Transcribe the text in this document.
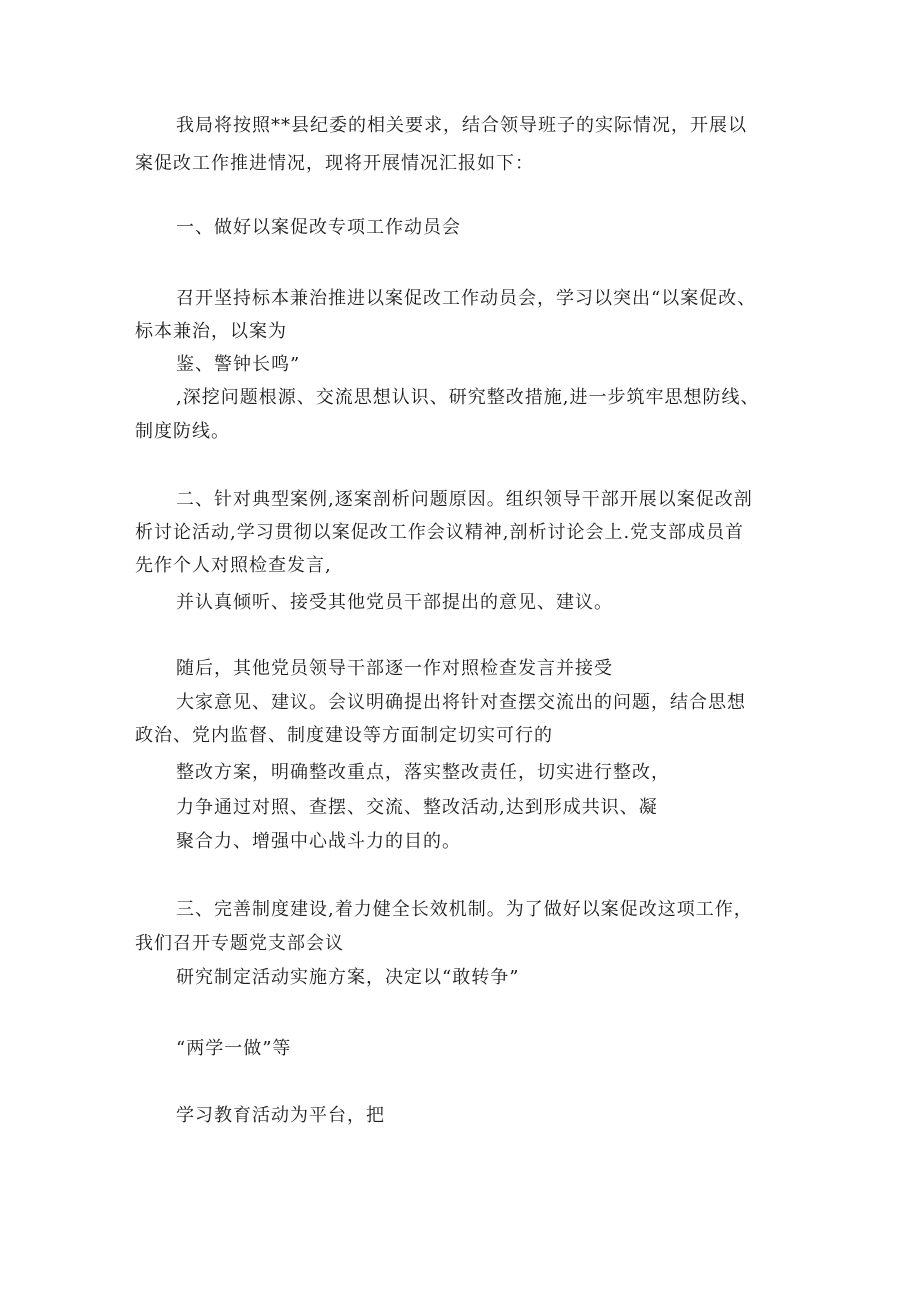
我局将按照**县纪委的相关要求，结合领导班子的实际情况，开展以
案促改工作推进情况，现将开展情况汇报如下：
一、做好以案促改专项工作动员会
召开坚持标本兼治推进以案促改工作动员会，学习以突出“以案促改、
标本兼治，以案为
鉴、警钟长鸣”
,深挖问题根源、交流思想认识、研究整改措施,进一步筑牢思想防线、
制度防线。
二、针对典型案例,逐案剖析问题原因。组织领导干部开展以案促改剖
析讨论活动,学习贯彻以案促改工作会议精神,剖析讨论会上.党支部成员首
先作个人对照检查发言,
并认真倾听、接受其他党员干部提出的意见、建议。
随后，其他党员领导干部逐一作对照检查发言并接受
大家意见、建议。会议明确提出将针对查摆交流出的问题，结合思想
政治、党内监督、制度建设等方面制定切实可行的
整改方案，明确整改重点，落实整改责任，切实进行整改，
力争通过对照、查摆、交流、整改活动,达到形成共识、凝
聚合力、增强中心战斗力的目的。
三、完善制度建设,着力健全长效机制。为了做好以案促改这项工作，
我们召开专题党支部会议
研究制定活动实施方案，决定以“敢转争”
“两学一做”等
学习教育活动为平台，把
